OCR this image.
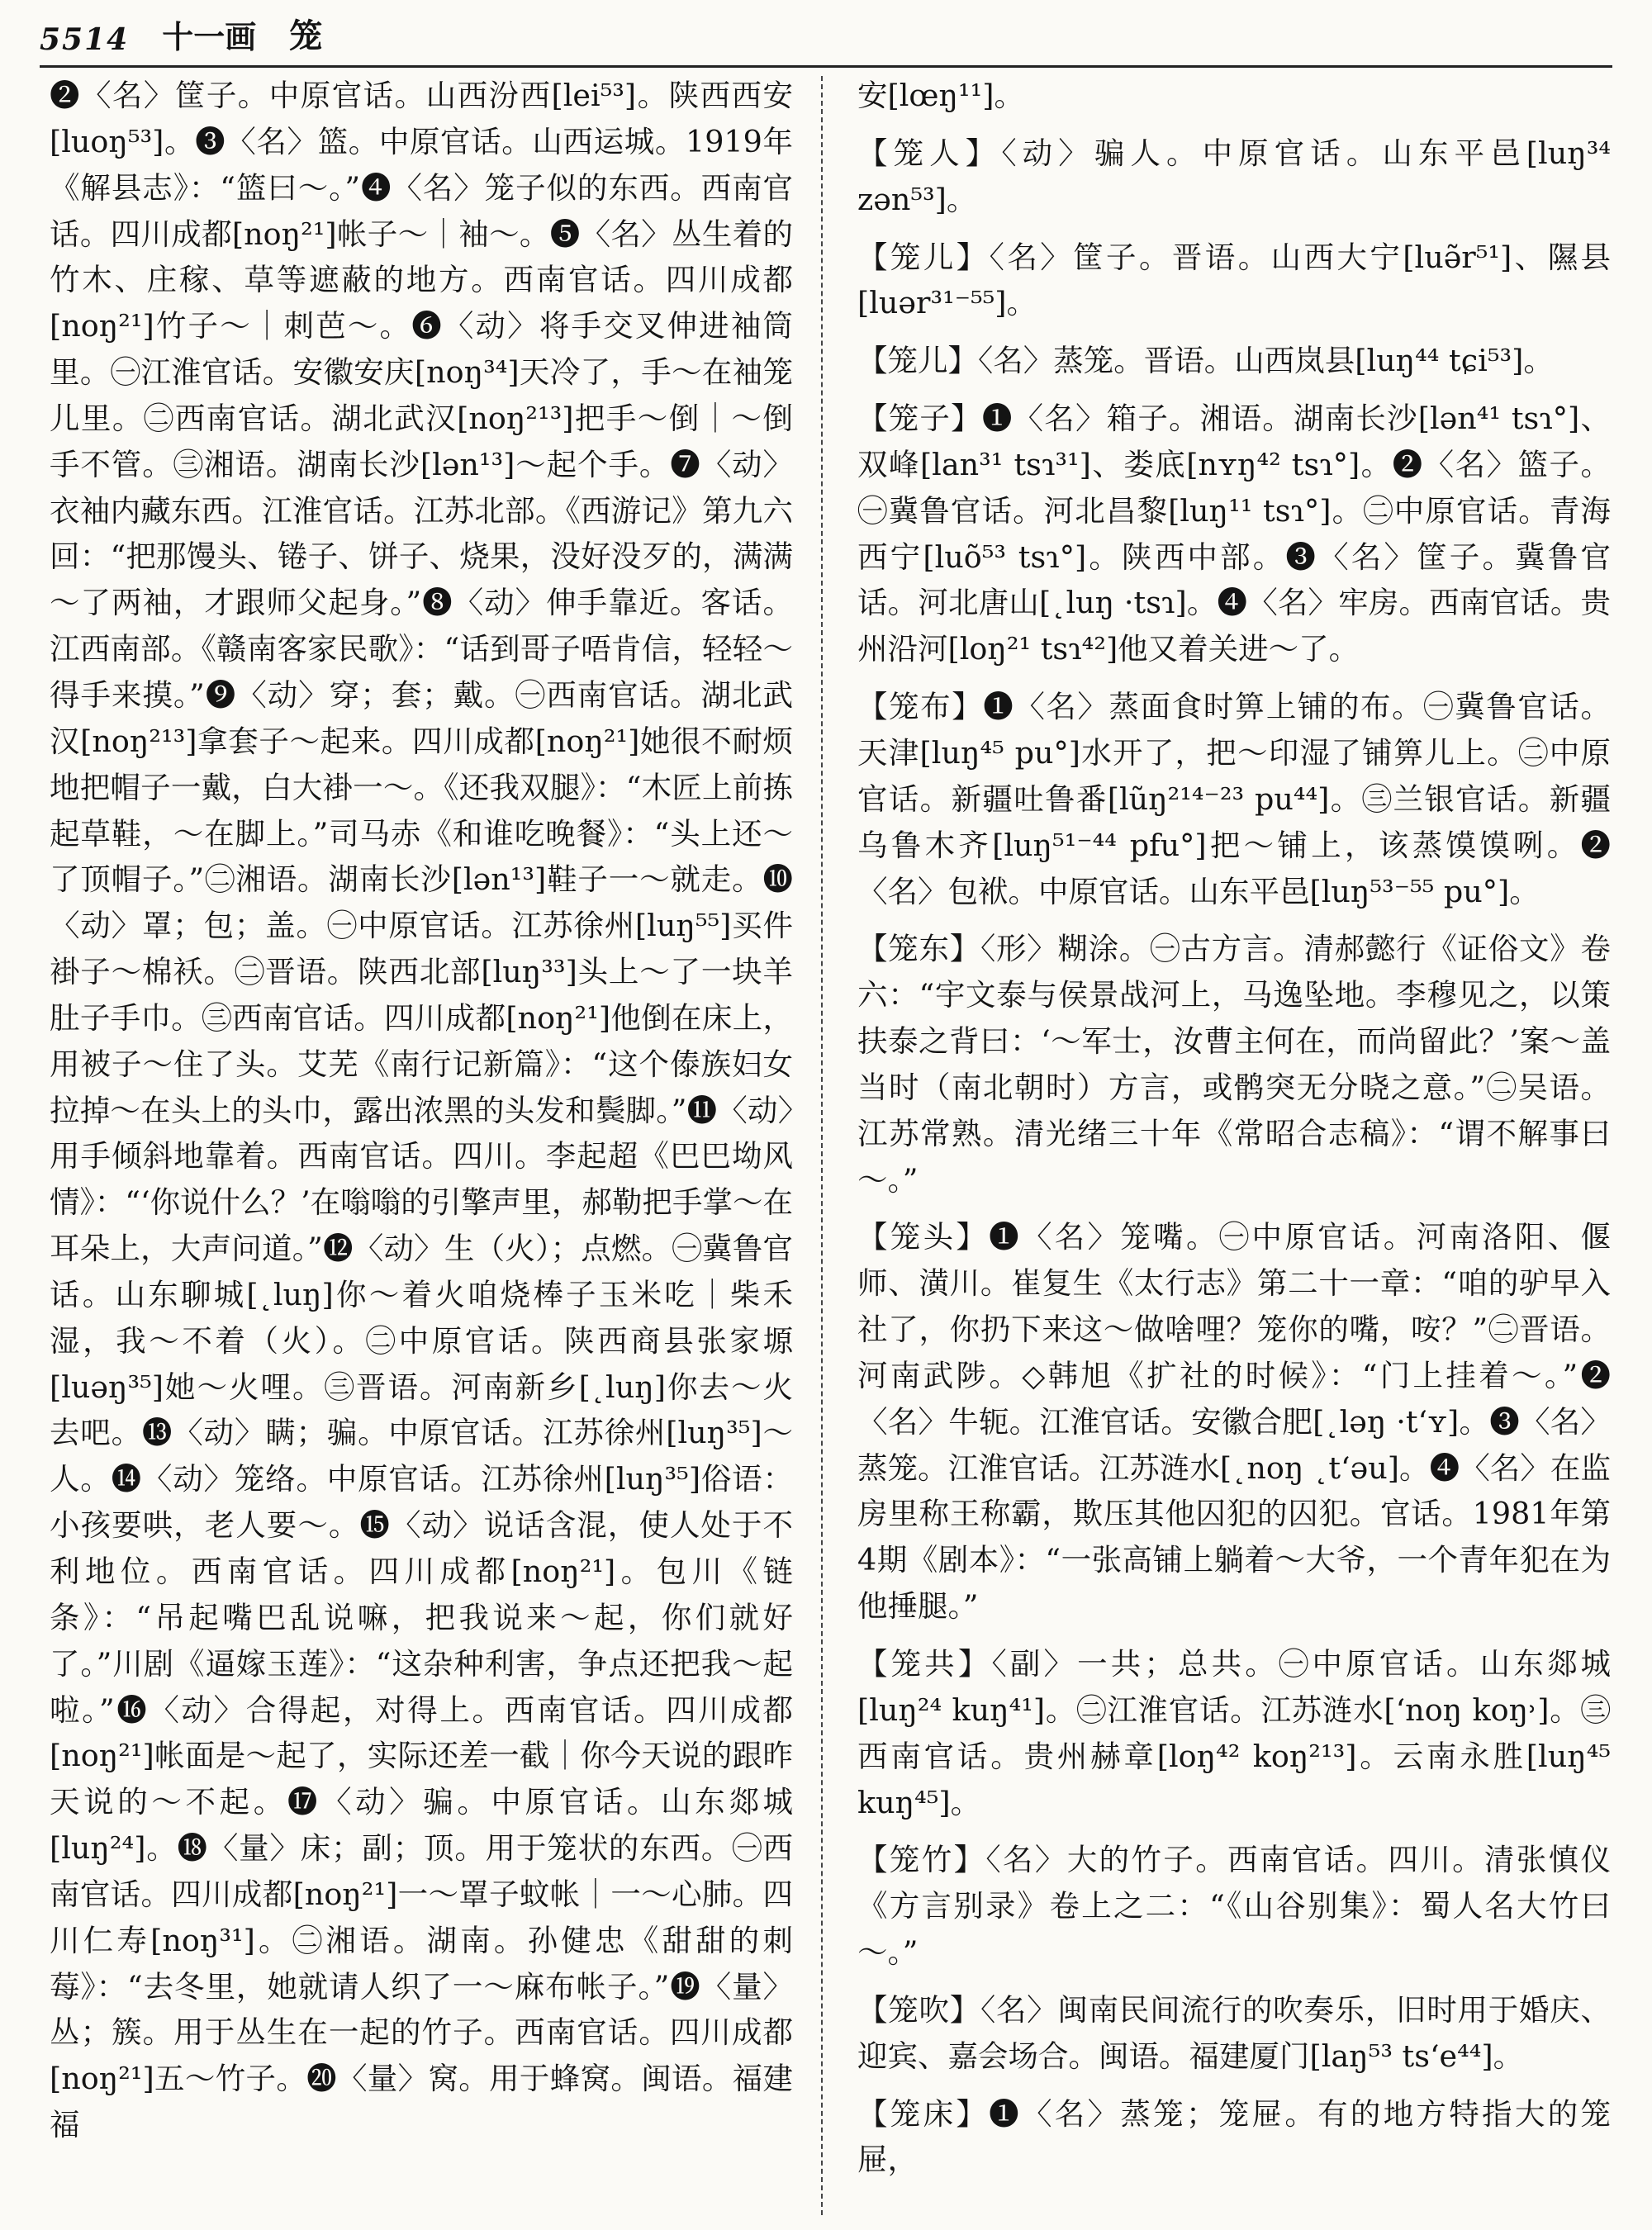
5514 十一画 笼

❷〈名〉筐子。中原官话。山西汾西[lei⁵³]。陕西西安[luoŋ⁵³]。❸〈名〉篮。中原官话。山西运城。1919年《解县志》：“篮曰～。”❹〈名〉笼子似的东西。西南官话。四川成都[noŋ²¹]帐子～｜袖～。❺〈名〉丛生着的竹木、庄稼、草等遮蔽的地方。西南官话。四川成都[noŋ²¹]竹子～｜刺芭～。❻〈动〉将手交叉伸进袖筒里。㊀江淮官话。安徽安庆[noŋ³⁴]天冷了，手～在袖笼儿里。㊁西南官话。湖北武汉[noŋ²¹³]把手～倒｜～倒手不管。㊂湘语。湖南长沙[lən¹³]～起个手。❼〈动〉衣袖内藏东西。江淮官话。江苏北部。《西游记》第九六回：“把那馒头、锩子、饼子、烧果，没好没歹的，满满～了两袖，才跟师父起身。”❽〈动〉伸手靠近。客话。江西南部。《赣南客家民歌》：“话到哥子唔肯信，轻轻～得手来摸。”❾〈动〉穿；套；戴。㊀西南官话。湖北武汉[noŋ²¹³]拿套子～起来。四川成都[noŋ²¹]她很不耐烦地把帽子一戴，白大褂一～。《还我双腿》：“木匠上前拣起草鞋，～在脚上。”司马赤《和谁吃晚餐》：“头上还～了顶帽子。”㊁湘语。湖南长沙[lən¹³]鞋子一～就走。❿〈动〉罩；包；盖。㊀中原官话。江苏徐州[luŋ⁵⁵]买件褂子～棉袄。㊁晋语。陕西北部[luŋ³³]头上～了一块羊肚子手巾。㊂西南官话。四川成都[noŋ²¹]他倒在床上，用被子～住了头。艾芜《南行记新篇》：“这个傣族妇女拉掉～在头上的头巾，露出浓黑的头发和鬓脚。”⓫〈动〉用手倾斜地靠着。西南官话。四川。李起超《巴巴坳风情》：“‘你说什么？’在嗡嗡的引擎声里，郝勒把手掌～在耳朵上，大声问道。”⓬〈动〉生（火）；点燃。㊀冀鲁官话。山东聊城[˛luŋ]你～着火咱烧棒子玉米吃｜柴禾湿，我～不着（火）。㊁中原官话。陕西商县张家塬[luəŋ³⁵]她～火哩。㊂晋语。河南新乡[˛luŋ]你去～火去吧。⓭〈动〉瞒；骗。中原官话。江苏徐州[luŋ³⁵]～人。⓮〈动〉笼络。中原官话。江苏徐州[luŋ³⁵]俗语：小孩要哄，老人要～。⓯〈动〉说话含混，使人处于不利地位。西南官话。四川成都[noŋ²¹]。包川《链条》：“吊起嘴巴乱说嘛，把我说来～起，你们就好了。”川剧《逼嫁玉莲》：“这杂种利害，争点还把我～起啦。”⓰〈动〉合得起，对得上。西南官话。四川成都[noŋ²¹]帐面是～起了，实际还差一截｜你今天说的跟昨天说的～不起。⓱〈动〉骗。中原官话。山东郯城[luŋ²⁴]。⓲〈量〉床；副；顶。用于笼状的东西。㊀西南官话。四川成都[noŋ²¹]一～罩子蚊帐｜一～心肺。四川仁寿[noŋ³¹]。㊁湘语。湖南。孙健忠《甜甜的刺莓》：“去冬里，她就请人织了一～麻布帐子。”⓳〈量〉丛；簇。用于丛生在一起的竹子。西南官话。四川成都[noŋ²¹]五～竹子。⓴〈量〉窝。用于蜂窝。闽语。福建福

安[lœŋ¹¹]。

【笼人】〈动〉骗人。中原官话。山东平邑[luŋ³⁴ zən⁵³]。

【笼儿】〈名〉筐子。晋语。山西大宁[luə̃r⁵¹]、隰县[luər³¹⁻⁵⁵]。

【笼儿】〈名〉蒸笼。晋语。山西岚县[luŋ⁴⁴ tɕi⁵³]。

【笼子】❶〈名〉箱子。湘语。湖南长沙[lən⁴¹ tsɿ°]、双峰[lan³¹ tsɿ³¹]、娄底[nʏŋ⁴² tsɿ°]。❷〈名〉篮子。㊀冀鲁官话。河北昌黎[luŋ¹¹ tsɿ°]。㊁中原官话。青海西宁[luõ⁵³ tsɿ°]。陕西中部。❸〈名〉筐子。冀鲁官话。河北唐山[˛luŋ ·tsɿ]。❹〈名〉牢房。西南官话。贵州沿河[loŋ²¹ tsɿ⁴²]他又着关进～了。

【笼布】❶〈名〉蒸面食时箅上铺的布。㊀冀鲁官话。天津[luŋ⁴⁵ pu°]水开了，把～印湿了铺箅儿上。㊁中原官话。新疆吐鲁番[lũŋ²¹⁴⁻²³ pu⁴⁴]。㊂兰银官话。新疆乌鲁木齐[luŋ⁵¹⁻⁴⁴ pfu°]把～铺上，该蒸馍馍咧。❷〈名〉包袱。中原官话。山东平邑[luŋ⁵³⁻⁵⁵ pu°]。

【笼东】〈形〉糊涂。㊀古方言。清郝懿行《证俗文》卷六：“宇文泰与侯景战河上，马逸坠地。李穆见之，以策扶泰之背曰：‘～军士，汝曹主何在，而尚留此？’案～盖当时（南北朝时）方言，或鹘突无分晓之意。”㊁吴语。江苏常熟。清光绪三十年《常昭合志稿》：“谓不解事曰～。”

【笼头】❶〈名〉笼嘴。㊀中原官话。河南洛阳、偃师、潢川。崔复生《太行志》第二十一章：“咱的驴早入社了，你扔下来这～做啥哩？笼你的嘴，咹？”㊁晋语。河南武陟。◇韩旭《扩社的时候》：“门上挂着～。”❷〈名〉牛轭。江淮官话。安徽合肥[˛ləŋ ·tʻʏ]。❸〈名〉蒸笼。江淮官话。江苏涟水[˛noŋ ˛tʻəu]。❹〈名〉在监房里称王称霸，欺压其他囚犯的囚犯。官话。1981年第4期《剧本》：“一张高铺上躺着～大爷，一个青年犯在为他捶腿。”

【笼共】〈副〉一共；总共。㊀中原官话。山东郯城[luŋ²⁴ kuŋ⁴¹]。㊁江淮官话。江苏涟水[ʻnoŋ koŋ˒]。㊂西南官话。贵州赫章[loŋ⁴² koŋ²¹³]。云南永胜[luŋ⁴⁵ kuŋ⁴⁵]。

【笼竹】〈名〉大的竹子。西南官话。四川。清张慎仪《方言别录》卷上之二：“《山谷别集》：蜀人名大竹曰～。”

【笼吹】〈名〉闽南民间流行的吹奏乐，旧时用于婚庆、迎宾、嘉会场合。闽语。福建厦门[laŋ⁵³ tsʻe⁴⁴]。

【笼床】❶〈名〉蒸笼；笼屉。有的地方特指大的笼屉，
